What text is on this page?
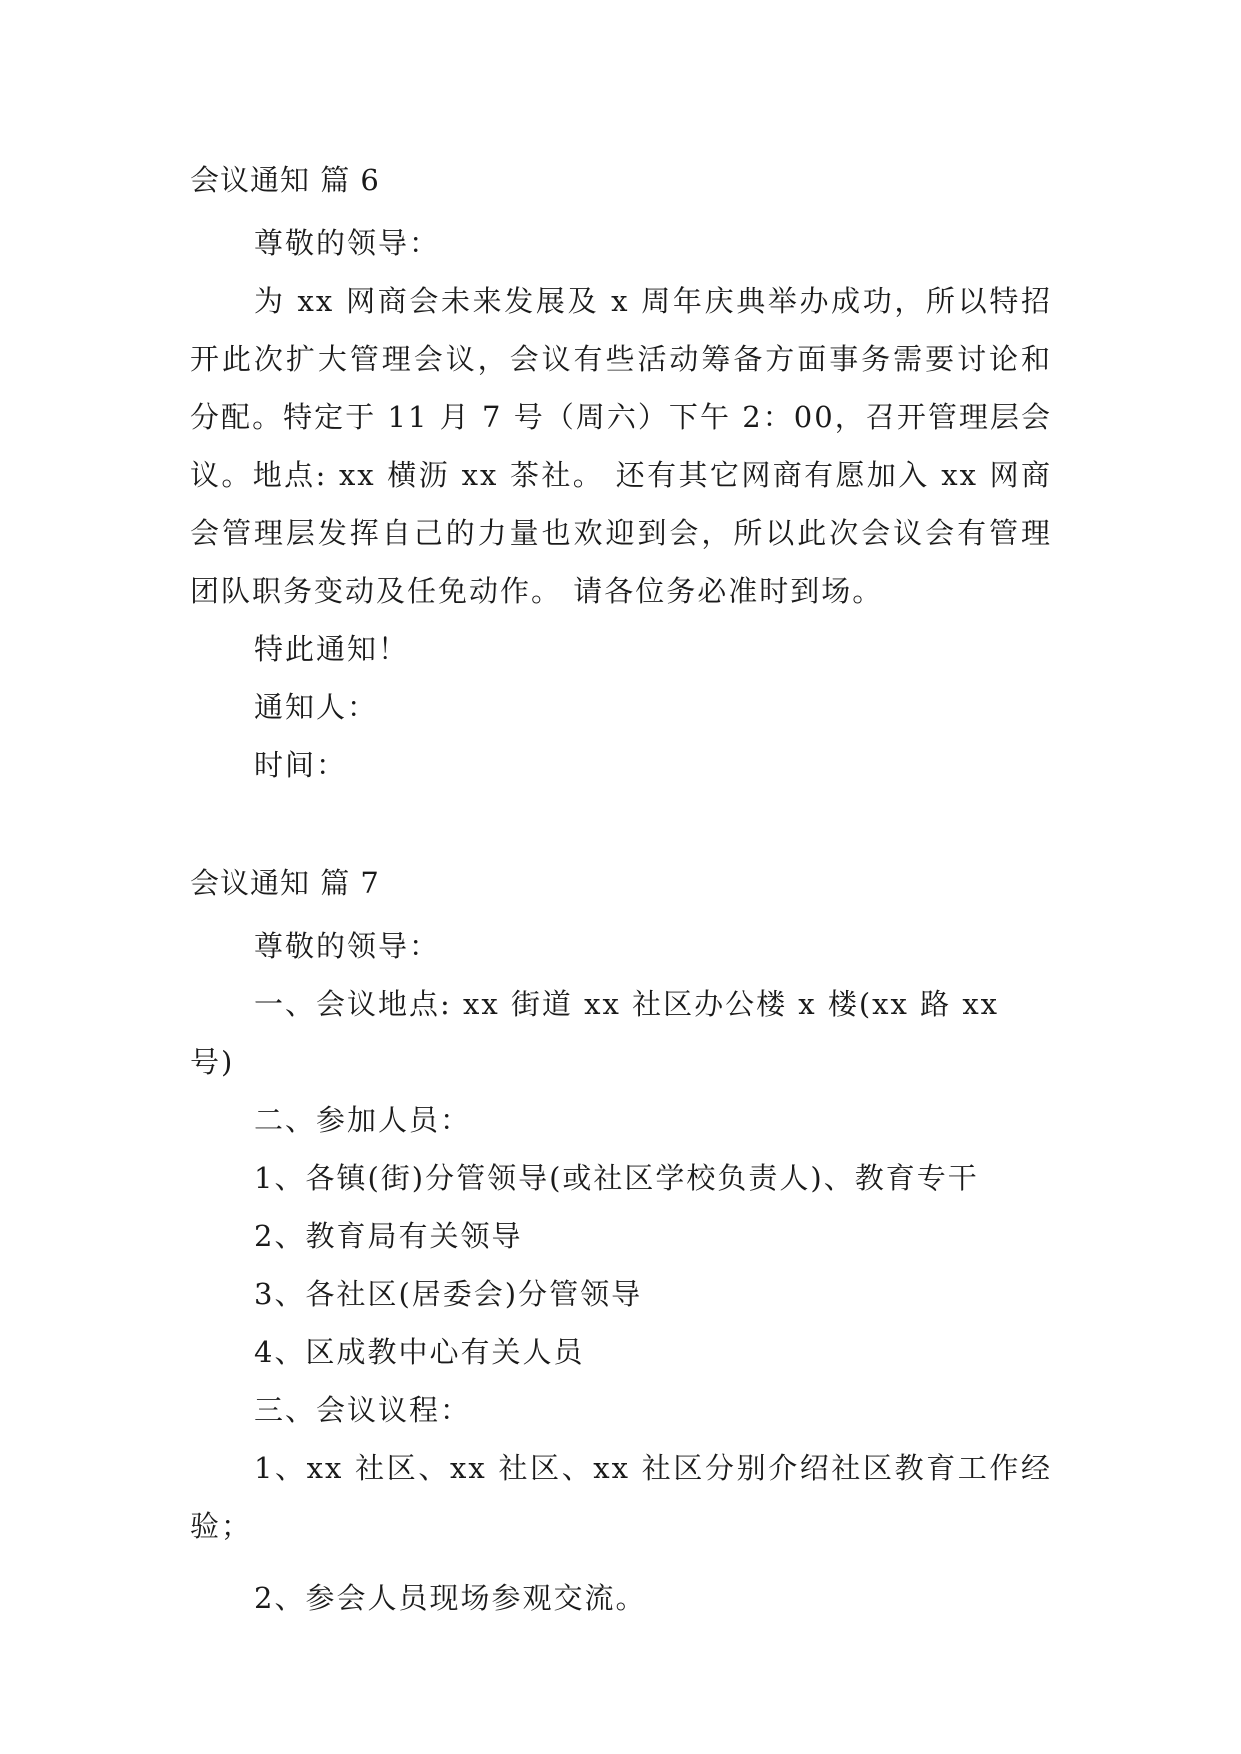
会议通知 篇 6

尊敬的领导：

为 xx 网商会未来发展及 x 周年庆典举办成功，所以特招开此次扩大管理会议，会议有些活动筹备方面事务需要讨论和分配。特定于 11 月 7 号（周六）下午 2：00，召开管理层会议。地点: xx 横沥 xx 茶社。 还有其它网商有愿加入 xx 网商会管理层发挥自己的力量也欢迎到会，所以此次会议会有管理团队职务变动及任免动作。 请各位务必准时到场。

特此通知！

通知人：

时间：

会议通知 篇 7

尊敬的领导：

一、会议地点: xx 街道 xx 社区办公楼 x 楼(xx 路 xx 号)

二、参加人员：

1、各镇(街)分管领导(或社区学校负责人)、教育专干

2、教育局有关领导

3、各社区(居委会)分管领导

4、区成教中心有关人员

三、会议议程：

1、xx 社区、xx 社区、xx 社区分别介绍社区教育工作经验；

2、参会人员现场参观交流。
